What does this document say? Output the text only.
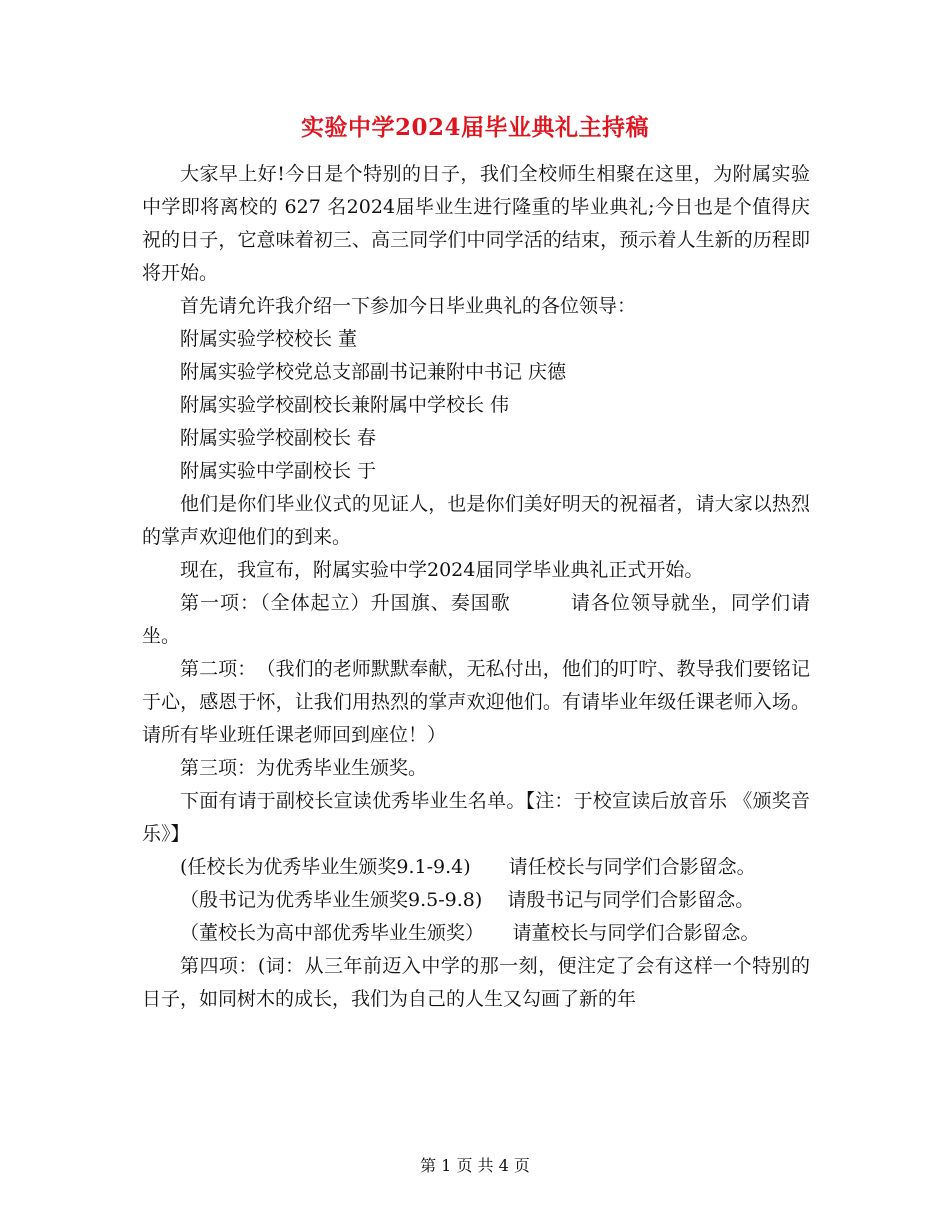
实验中学2024届毕业典礼主持稿

大家早上好!今日是个特别的日子，我们全校师生相聚在这里，为附属实验中学即将离校的 627 名2024届毕业生进行隆重的毕业典礼;今日也是个值得庆祝的日子，它意味着初三、高三同学们中同学活的结束，预示着人生新的历程即将开始。

首先请允许我介绍一下参加今日毕业典礼的各位领导：

附属实验学校校长 董

附属实验学校党总支部副书记兼附中书记 庆德

附属实验学校副校长兼附属中学校长 伟

附属实验学校副校长 春

附属实验中学副校长 于

他们是你们毕业仪式的见证人，也是你们美好明天的祝福者，请大家以热烈的掌声欢迎他们的到来。

现在，我宣布，附属实验中学2024届同学毕业典礼正式开始。

第一项：（全体起立）升国旗、奏国歌　　　请各位领导就坐，同学们请坐。

第二项：　（我们的老师默默奉献，无私付出，他们的叮咛、教导我们要铭记于心，感恩于怀，让我们用热烈的掌声欢迎他们。有请毕业年级任课老师入场。请所有毕业班任课老师回到座位！）

第三项：为优秀毕业生颁奖。

下面有请于副校长宣读优秀毕业生名单。【注：于校宣读后放音乐 《颁奖音乐》】

(任校长为优秀毕业生颁奖9.1-9.4)　　请任校长与同学们合影留念。

（殷书记为优秀毕业生颁奖9.5-9.8)　 请殷书记与同学们合影留念。

（董校长为高中部优秀毕业生颁奖）　　请董校长与同学们合影留念。

第四项：(词：从三年前迈入中学的那一刻，便注定了会有这样一个特别的日子，如同树木的成长，我们为自己的人生又勾画了新的年

第 1 页 共 4 页
